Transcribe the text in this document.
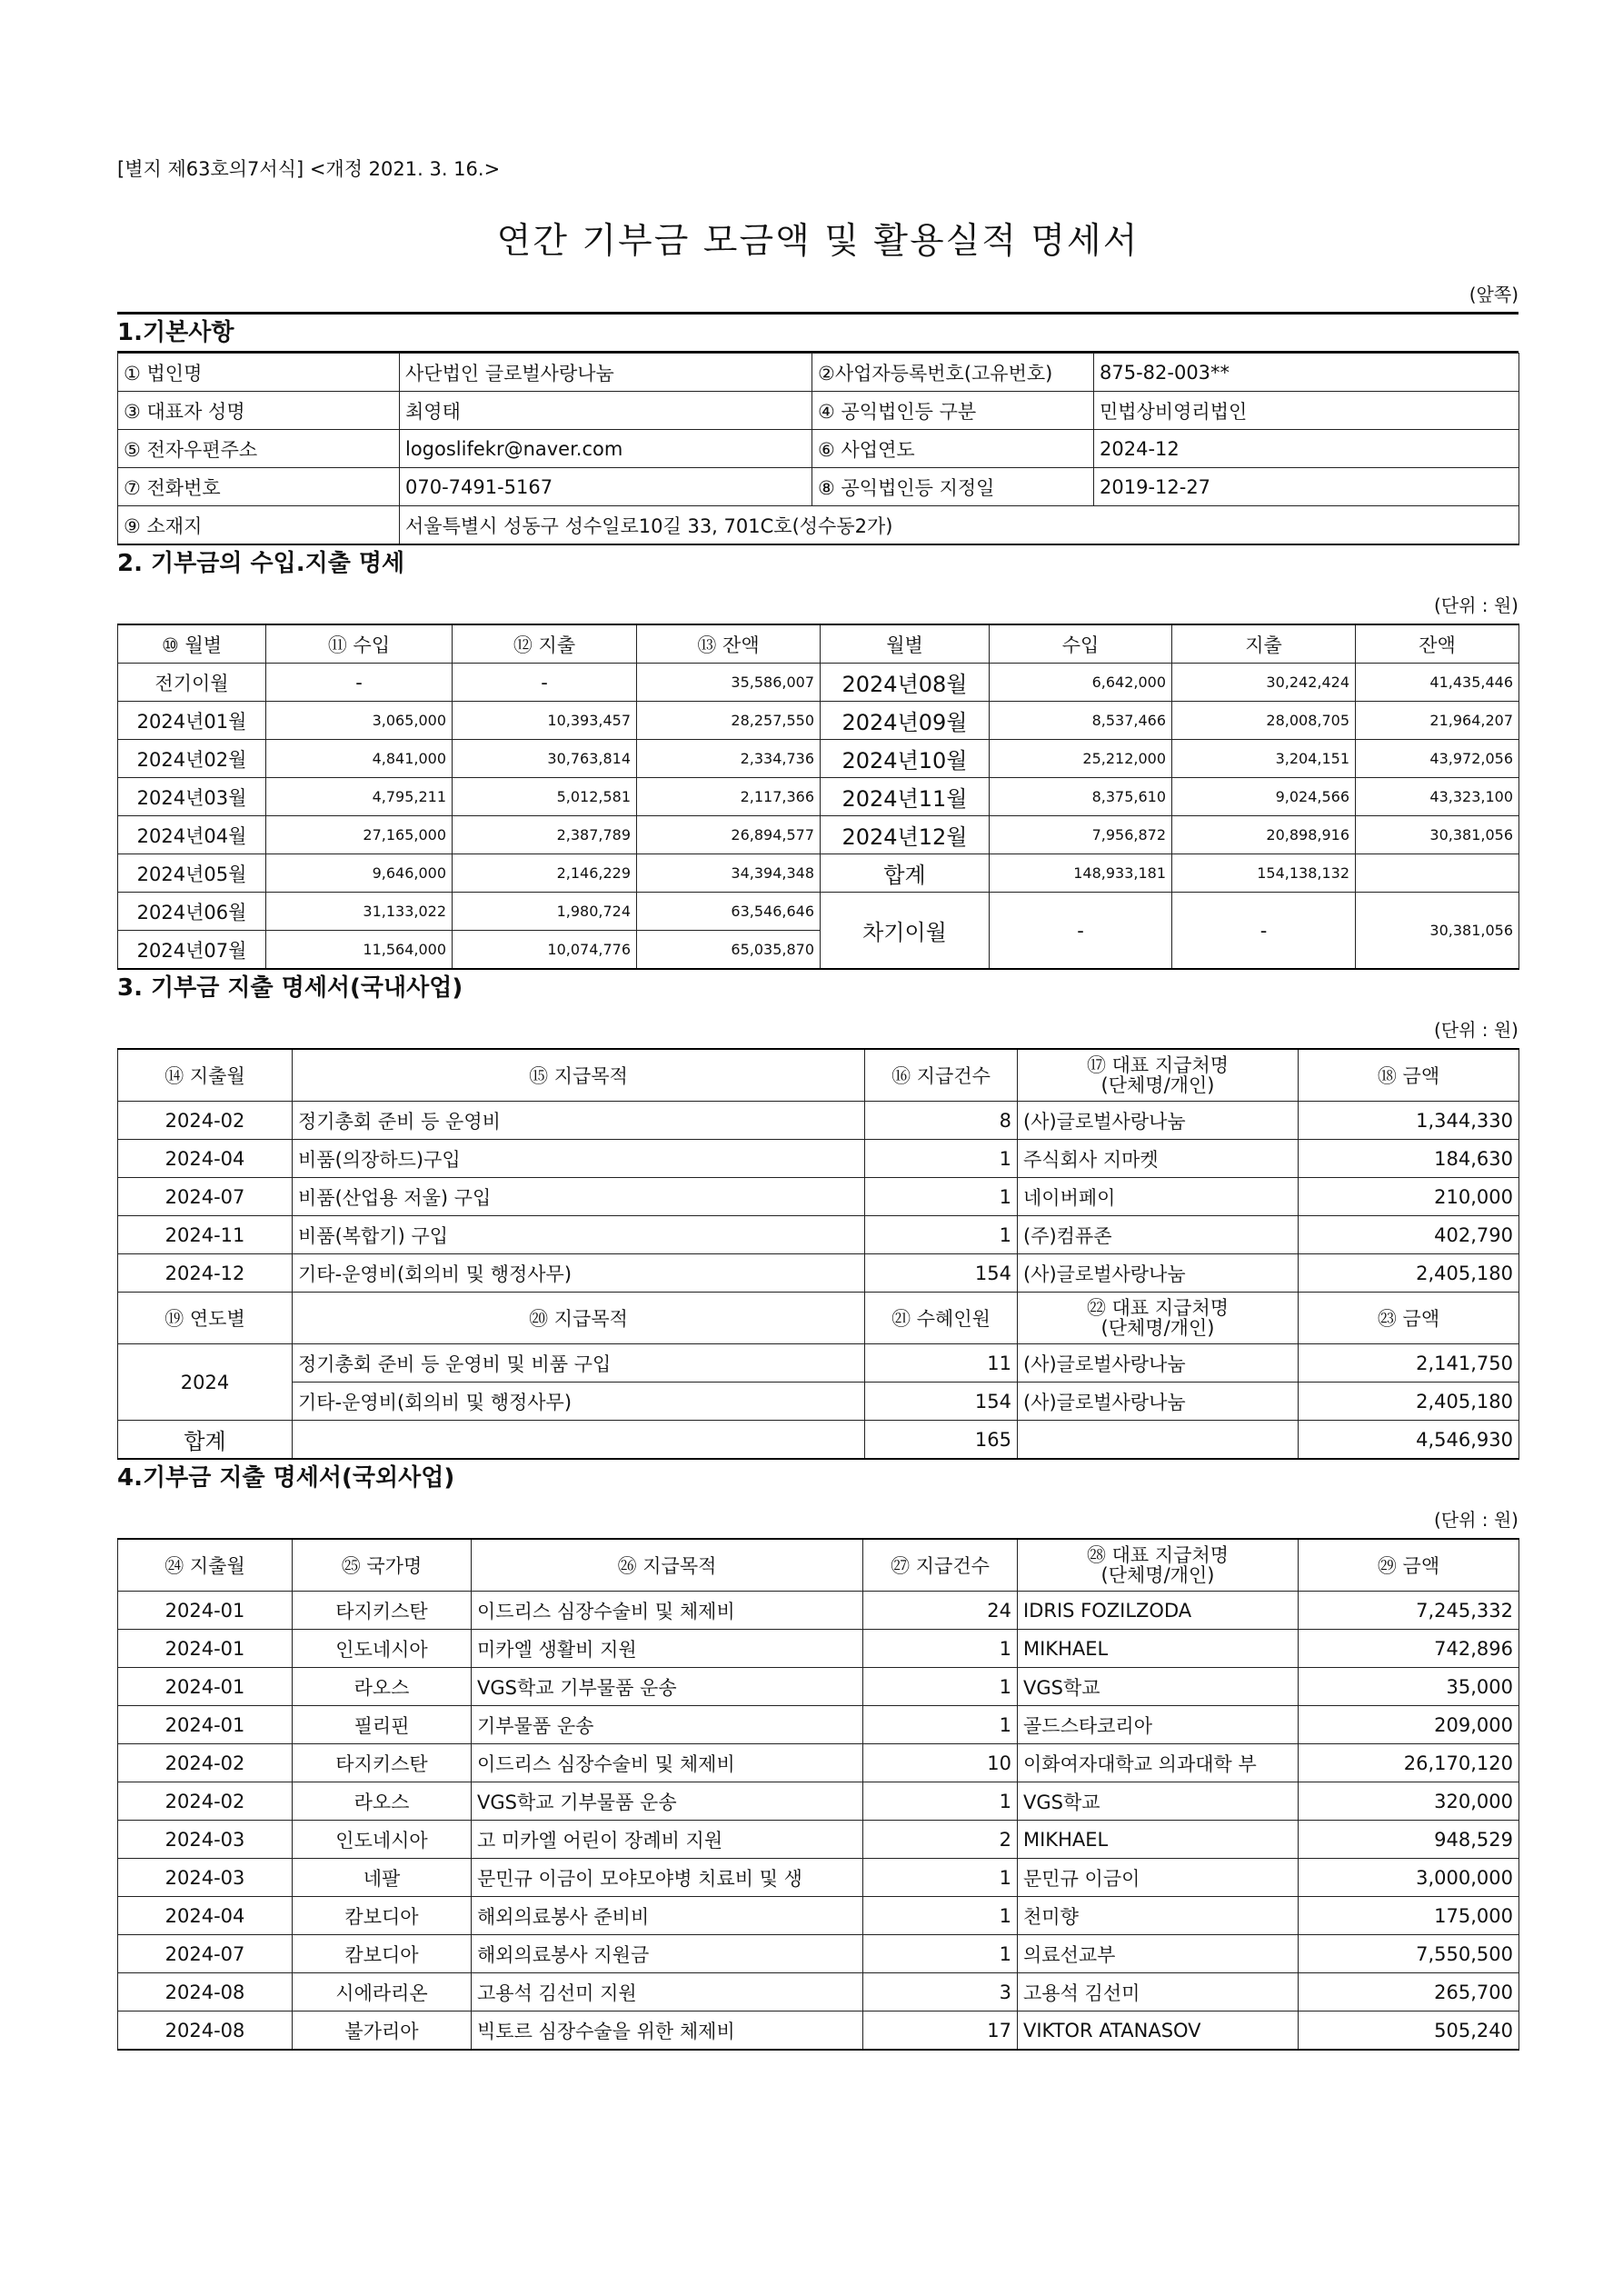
[별지 제63호의7서식] <개정 2021. 3. 16.>
연간 기부금 모금액 및 활용실적 명세서
(앞쪽)
1.기본사항
① 법인명	사단법인 글로벌사랑나눔	②사업자등록번호(고유번호)	875-82-003**
③ 대표자 성명	최영태	④ 공익법인등 구분	민법상비영리법인
⑤ 전자우편주소	logoslifekr@naver.com	⑥ 사업연도	2024-12
⑦ 전화번호	070-7491-5167	⑧ 공익법인등 지정일	2019-12-27
⑨ 소재지	서울특별시 성동구 성수일로10길 33, 701C호(성수동2가)		
2. 기부금의 수입.지출 명세
(단위 : 원)
⑩ 월별	⑪ 수입	⑫ 지출	⑬ 잔액	월별	수입	지출	잔액
전기이월	-	-	35,586,007	2024년08월	6,642,000	30,242,424	41,435,446
2024년01월	3,065,000	10,393,457	28,257,550	2024년09월	8,537,466	28,008,705	21,964,207
2024년02월	4,841,000	30,763,814	2,334,736	2024년10월	25,212,000	3,204,151	43,972,056
2024년03월	4,795,211	5,012,581	2,117,366	2024년11월	8,375,610	9,024,566	43,323,100
2024년04월	27,165,000	2,387,789	26,894,577	2024년12월	7,956,872	20,898,916	30,381,056
2024년05월	9,646,000	2,146,229	34,394,348	합계	148,933,181	154,138,132	
2024년06월	31,133,022	1,980,724	63,546,646	차기이월	-	-	30,381,056
2024년07월	11,564,000	10,074,776	65,035,870				
3. 기부금 지출 명세서(국내사업)
(단위 : 원)
⑭ 지출월	⑮ 지급목적	⑯ 지급건수	⑰ 대표 지급처명
(단체명/개인)	⑱ 금액
2024-02	정기총회 준비 등 운영비	8	(사)글로벌사랑나눔	1,344,330
2024-04	비품(의장하드)구입	1	주식회사 지마켓	184,630
2024-07	비품(산업용 저울) 구입	1	네이버페이	210,000
2024-11	비품(복합기) 구입	1	(주)컴퓨존	402,790
2024-12	기타-운영비(회의비 및 행정사무)	154	(사)글로벌사랑나눔	2,405,180
⑲ 연도별	⑳ 지급목적	㉑ 수혜인원	㉒ 대표 지급처명
(단체명/개인)	㉓ 금액
2024	정기총회 준비 등 운영비 및 비품 구입	11	(사)글로벌사랑나눔	2,141,750
	기타-운영비(회의비 및 행정사무)	154	(사)글로벌사랑나눔	2,405,180
합계		165		4,546,930
4.기부금 지출 명세서(국외사업)
(단위 : 원)
㉔ 지출월	㉕ 국가명	㉖ 지급목적	㉗ 지급건수	㉘ 대표 지급처명
(단체명/개인)	㉙ 금액
2024-01	타지키스탄	이드리스 심장수술비 및 체제비	24	IDRIS FOZILZODA	7,245,332
2024-01	인도네시아	미카엘 생활비 지원	1	MIKHAEL	742,896
2024-01	라오스	VGS학교 기부물품 운송	1	VGS학교	35,000
2024-01	필리핀	기부물품 운송	1	골드스타코리아	209,000
2024-02	타지키스탄	이드리스 심장수술비 및 체제비	10	이화여자대학교 의과대학 부	26,170,120
2024-02	라오스	VGS학교 기부물품 운송	1	VGS학교	320,000
2024-03	인도네시아	고 미카엘 어린이 장례비 지원	2	MIKHAEL	948,529
2024-03	네팔	문민규 이금이 모야모야병 치료비 및 생	1	문민규 이금이	3,000,000
2024-04	캄보디아	해외의료봉사 준비비	1	천미향	175,000
2024-07	캄보디아	해외의료봉사 지원금	1	의료선교부	7,550,500
2024-08	시에라리온	고용석 김선미 지원	3	고용석 김선미	265,700
2024-08	불가리아	빅토르 심장수술을 위한 체제비	17	VIKTOR ATANASOV	505,240
